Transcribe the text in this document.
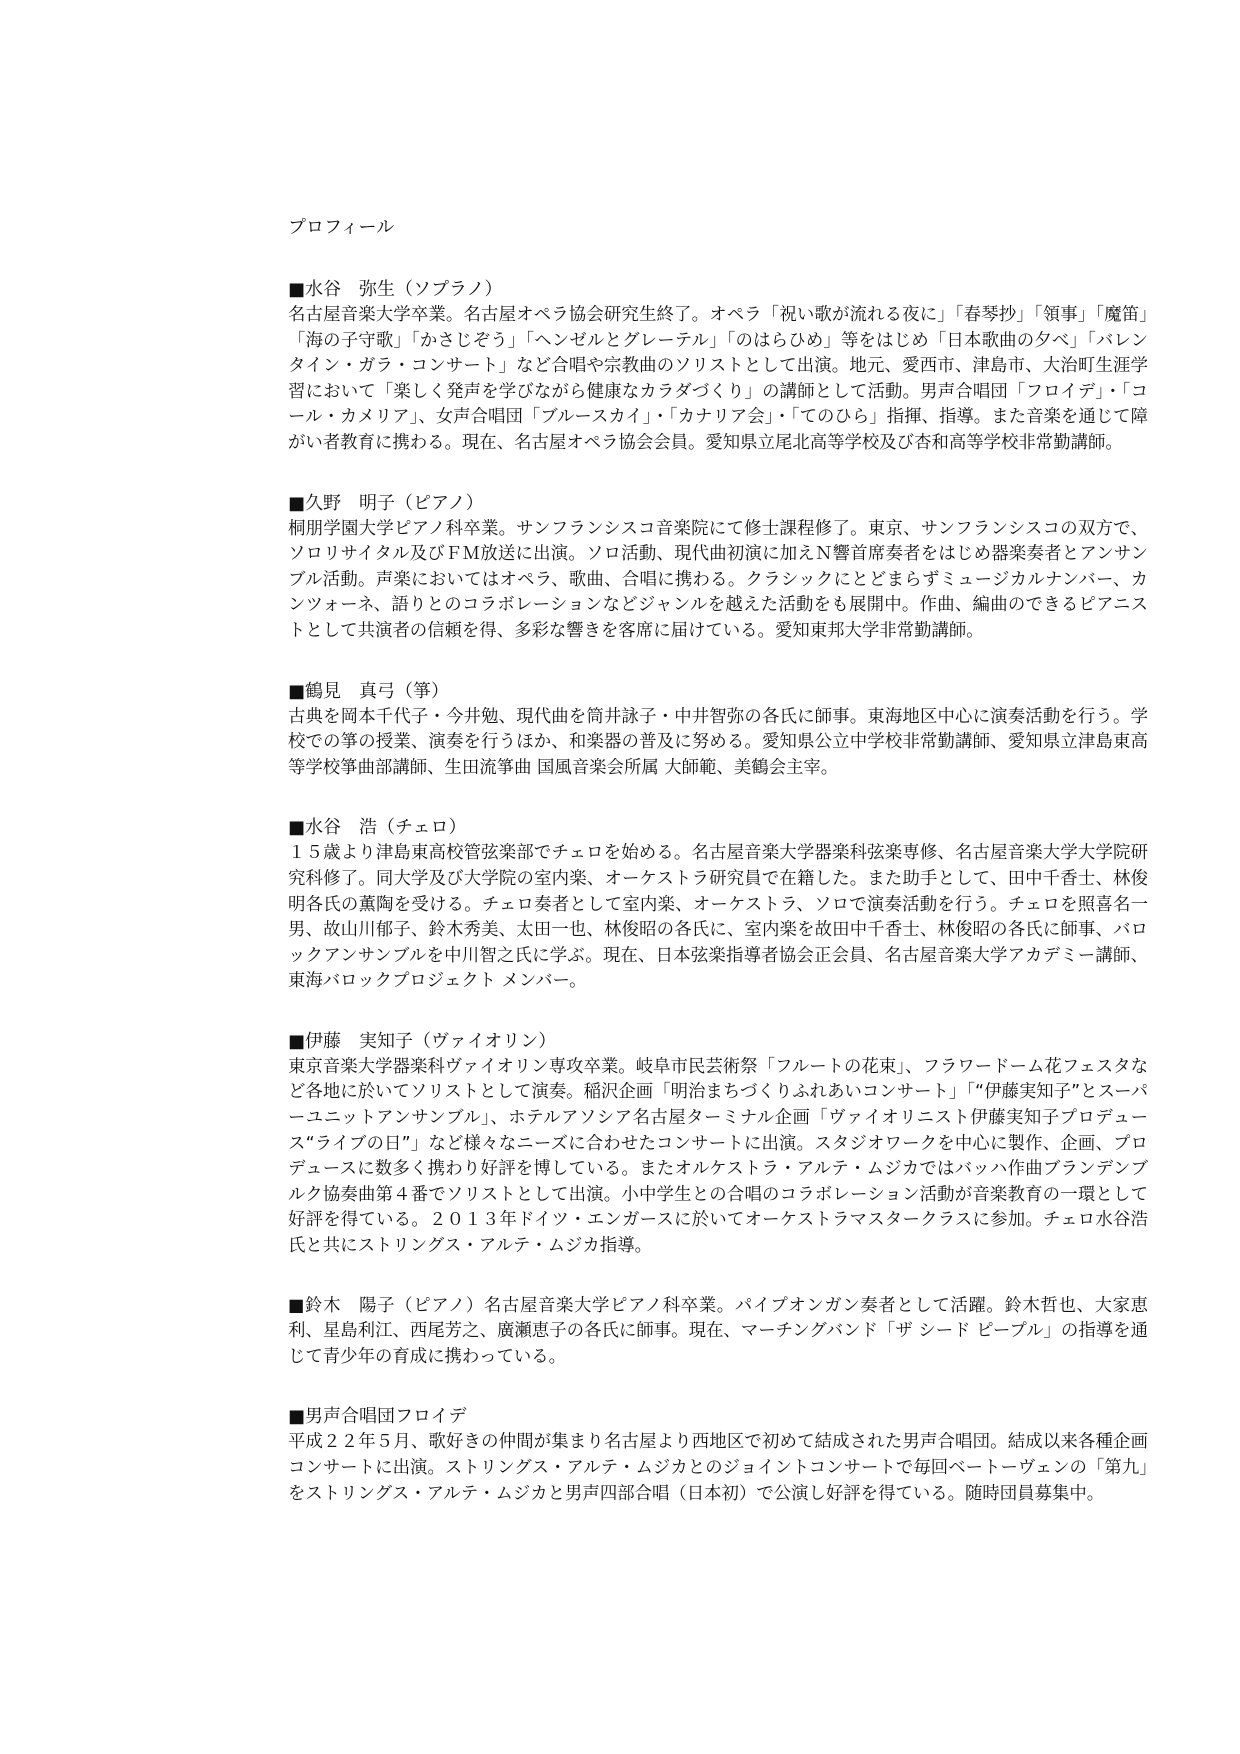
プロフィール
■水谷　弥生（ソプラノ）

名古屋音楽大学卒業。名古屋オペラ協会研究生終了。オペラ「祝い歌が流れる夜に」「春琴抄」「領事」「魔笛」「海の子守歌」「かさじぞう」「ヘンゼルとグレーテル」「のはらひめ」等をはじめ「日本歌曲の夕べ」「バレンタイン・ガラ・コンサート」など合唱や宗教曲のソリストとして出演。地元、愛西市、津島市、大治町生涯学習において「楽しく発声を学びながら健康なカラダづくり」の講師として活動。男声合唱団「フロイデ」・「コール・カメリア」、女声合唱団「ブルースカイ」・「カナリア会」・「てのひら」指揮、指導。また音楽を通じて障がい者教育に携わる。現在、名古屋オペラ協会会員。愛知県立尾北高等学校及び杏和高等学校非常勤講師。

■久野　明子（ピアノ）

桐朋学園大学ピアノ科卒業。サンフランシスコ音楽院にて修士課程修了。東京、サンフランシスコの双方で、ソロリサイタル及びＦＭ放送に出演。ソロ活動、現代曲初演に加えＮ響首席奏者をはじめ器楽奏者とアンサンブル活動。声楽においてはオペラ、歌曲、合唱に携わる。クラシックにとどまらずミュージカルナンバー、カンツォーネ、語りとのコラボレーションなどジャンルを越えた活動をも展開中。作曲、編曲のできるピアニストとして共演者の信頼を得、多彩な響きを客席に届けている。愛知東邦大学非常勤講師。

■鶴見　真弓（箏）

古典を岡本千代子・今井勉、現代曲を筒井詠子・中井智弥の各氏に師事。東海地区中心に演奏活動を行う。学校での箏の授業、演奏を行うほか、和楽器の普及に努める。愛知県公立中学校非常勤講師、愛知県立津島東高等学校箏曲部講師、生田流箏曲 国風音楽会所属 大師範、美鶴会主宰。

■水谷　浩（チェロ）

１５歳より津島東高校管弦楽部でチェロを始める。名古屋音楽大学器楽科弦楽専修、名古屋音楽大学大学院研究科修了。同大学及び大学院の室内楽、オーケストラ研究員で在籍した。また助手として、田中千香士、林俊明各氏の薫陶を受ける。チェロ奏者として室内楽、オーケストラ、ソロで演奏活動を行う。チェロを照喜名一男、故山川郁子、鈴木秀美、太田一也、林俊昭の各氏に、室内楽を故田中千香士、林俊昭の各氏に師事、バロックアンサンブルを中川智之氏に学ぶ。現在、日本弦楽指導者協会正会員、名古屋音楽大学アカデミー講師、東海バロックプロジェクト メンバー。

■伊藤　実知子（ヴァイオリン）

東京音楽大学器楽科ヴァイオリン専攻卒業。岐阜市民芸術祭「フルートの花束」、フラワードーム花フェスタなど各地に於いてソリストとして演奏。稲沢企画「明治まちづくりふれあいコンサート」「“伊藤実知子”とスーパーユニットアンサンブル」、ホテルアソシア名古屋ターミナル企画「ヴァイオリニスト伊藤実知子プロデュース“ライブの日”」など様々なニーズに合わせたコンサートに出演。スタジオワークを中心に製作、企画、プロデュースに数多く携わり好評を博している。またオルケストラ・アルテ・ムジカではバッハ作曲ブランデンブルク協奏曲第４番でソリストとして出演。小中学生との合唱のコラボレーション活動が音楽教育の一環として好評を得ている。２０１３年ドイツ・エンガースに於いてオーケストラマスタークラスに参加。チェロ水谷浩氏と共にストリングス・アルテ・ムジカ指導。

■鈴木　陽子（ピアノ）名古屋音楽大学ピアノ科卒業。パイプオンガン奏者として活躍。鈴木哲也、大家恵利、星島利江、西尾芳之、廣瀬恵子の各氏に師事。現在、マーチングバンド「ザ シード ピープル」の指導を通じて青少年の育成に携わっている。

■男声合唱団フロイデ

平成２２年５月、歌好きの仲間が集まり名古屋より西地区で初めて結成された男声合唱団。結成以来各種企画コンサートに出演。ストリングス・アルテ・ムジカとのジョイントコンサートで毎回ベートーヴェンの「第九」をストリングス・アルテ・ムジカと男声四部合唱（日本初）で公演し好評を得ている。随時団員募集中。
